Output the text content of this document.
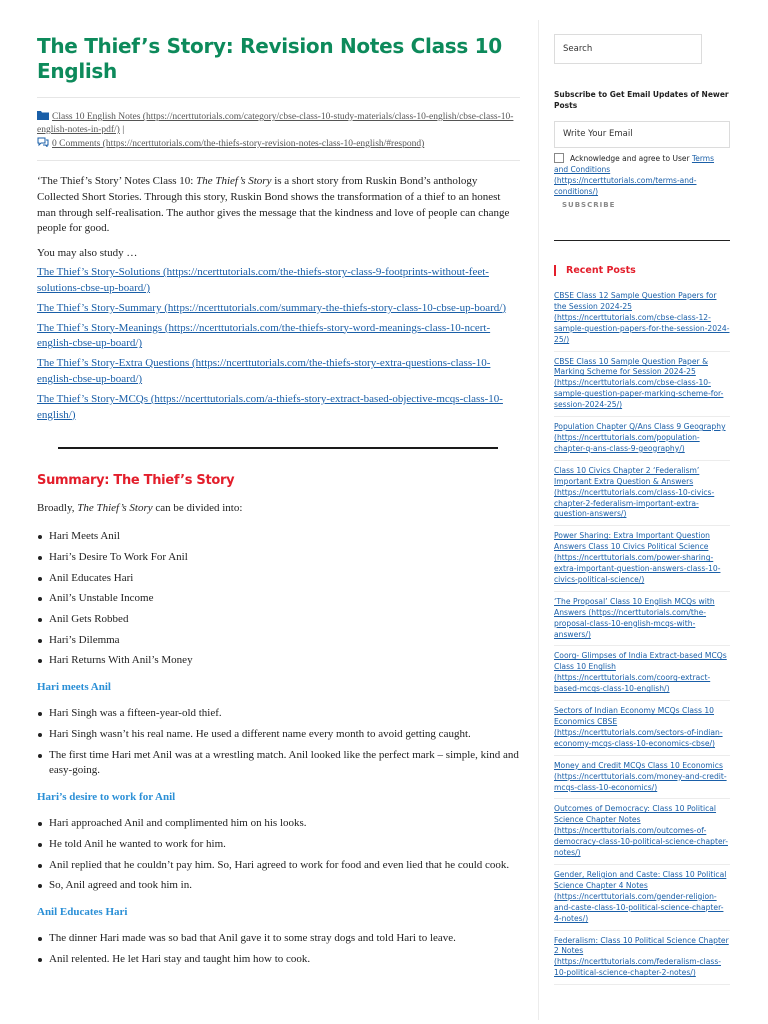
The Thief’s Story: Revision Notes Class 10 English
Class 10 English Notes (https://ncerttutorials.com/category/cbse-class-10-study-materials/class-10-english/cbse-class-10-english-notes-in-pdf/) |
0 Comments (https://ncerttutorials.com/the-thiefs-story-revision-notes-class-10-english/#respond)

‘The Thief’s Story’ Notes Class 10: The Thief’s Story is a short story from Ruskin Bond’s anthology Collected Short Stories. Through this story, Ruskin Bond shows the transformation of a thief to an honest man through self-realisation. The author gives the message that the kindness and love of people can change people for good.

You may also study …

The Thief’s Story-Solutions (https://ncerttutorials.com/the-thiefs-story-class-9-footprints-without-feet-solutions-cbse-up-board/)
The Thief’s Story-Summary (https://ncerttutorials.com/summary-the-thiefs-story-class-10-cbse-up-board/)
The Thief’s Story-Meanings (https://ncerttutorials.com/the-thiefs-story-word-meanings-class-10-ncert-english-cbse-up-board/)
The Thief’s Story-Extra Questions (https://ncerttutorials.com/the-thiefs-story-extra-questions-class-10-english-cbse-up-board/)
The Thief’s Story-MCQs (https://ncerttutorials.com/a-thiefs-story-extract-based-objective-mcqs-class-10-english/)
Summary: The Thief’s Story

Broadly, The Thief’s Story can be divided into:

Hari Meets Anil
Hari’s Desire To Work For Anil
Anil Educates Hari
Anil’s Unstable Income
Anil Gets Robbed
Hari’s Dilemma
Hari Returns With Anil’s Money
Hari meets Anil
Hari Singh was a fifteen-year-old thief.
Hari Singh wasn’t his real name. He used a different name every month to avoid getting caught.
The first time Hari met Anil was at a wrestling match. Anil looked like the perfect mark – simple, kind and easy-going.
Hari’s desire to work for Anil
Hari approached Anil and complimented him on his looks.
He told Anil he wanted to work for him.
Anil replied that he couldn’t pay him. So, Hari agreed to work for food and even lied that he could cook.
So, Anil agreed and took him in.
Anil Educates Hari
The dinner Hari made was so bad that Anil gave it to some stray dogs and told Hari to leave.
Anil relented. He let Hari stay and taught him how to cook.
Search

Subscribe to Get Email Updates of Newer Posts

Write Your Email

Acknowledge and agree to User Terms and Conditions (https://ncerttutorials.com/terms-and-conditions/)

SUBSCRIBE
Recent Posts
CBSE Class 12 Sample Question Papers for the Session 2024-25 (https://ncerttutorials.com/cbse-class-12-sample-question-papers-for-the-session-2024-25/)
CBSE Class 10 Sample Question Paper & Marking Scheme for Session 2024-25 (https://ncerttutorials.com/cbse-class-10-sample-question-paper-marking-scheme-for-session-2024-25/)
Population Chapter Q/Ans Class 9 Geography (https://ncerttutorials.com/population-chapter-q-ans-class-9-geography/)
Class 10 Civics Chapter 2 ‘Federalism’ Important Extra Question & Answers (https://ncerttutorials.com/class-10-civics-chapter-2-federalism-important-extra-question-answers/)
Power Sharing: Extra Important Question Answers Class 10 Civics Political Science (https://ncerttutorials.com/power-sharing-extra-important-question-answers-class-10-civics-political-science/)
‘The Proposal’ Class 10 English MCQs with Answers (https://ncerttutorials.com/the-proposal-class-10-english-mcqs-with-answers/)
Coorg- Glimpses of India Extract-based MCQs Class 10 English (https://ncerttutorials.com/coorg-extract-based-mcqs-class-10-english/)
Sectors of Indian Economy MCQs Class 10 Economics CBSE (https://ncerttutorials.com/sectors-of-indian-economy-mcqs-class-10-economics-cbse/)
Money and Credit MCQs Class 10 Economics (https://ncerttutorials.com/money-and-credit-mcqs-class-10-economics/)
Outcomes of Democracy: Class 10 Political Science Chapter Notes (https://ncerttutorials.com/outcomes-of-democracy-class-10-political-science-chapter-notes/)
Gender, Religion and Caste: Class 10 Political Science Chapter 4 Notes (https://ncerttutorials.com/gender-religion-and-caste-class-10-political-science-chapter-4-notes/)
Federalism: Class 10 Political Science Chapter 2 Notes (https://ncerttutorials.com/federalism-class-10-political-science-chapter-2-notes/)
